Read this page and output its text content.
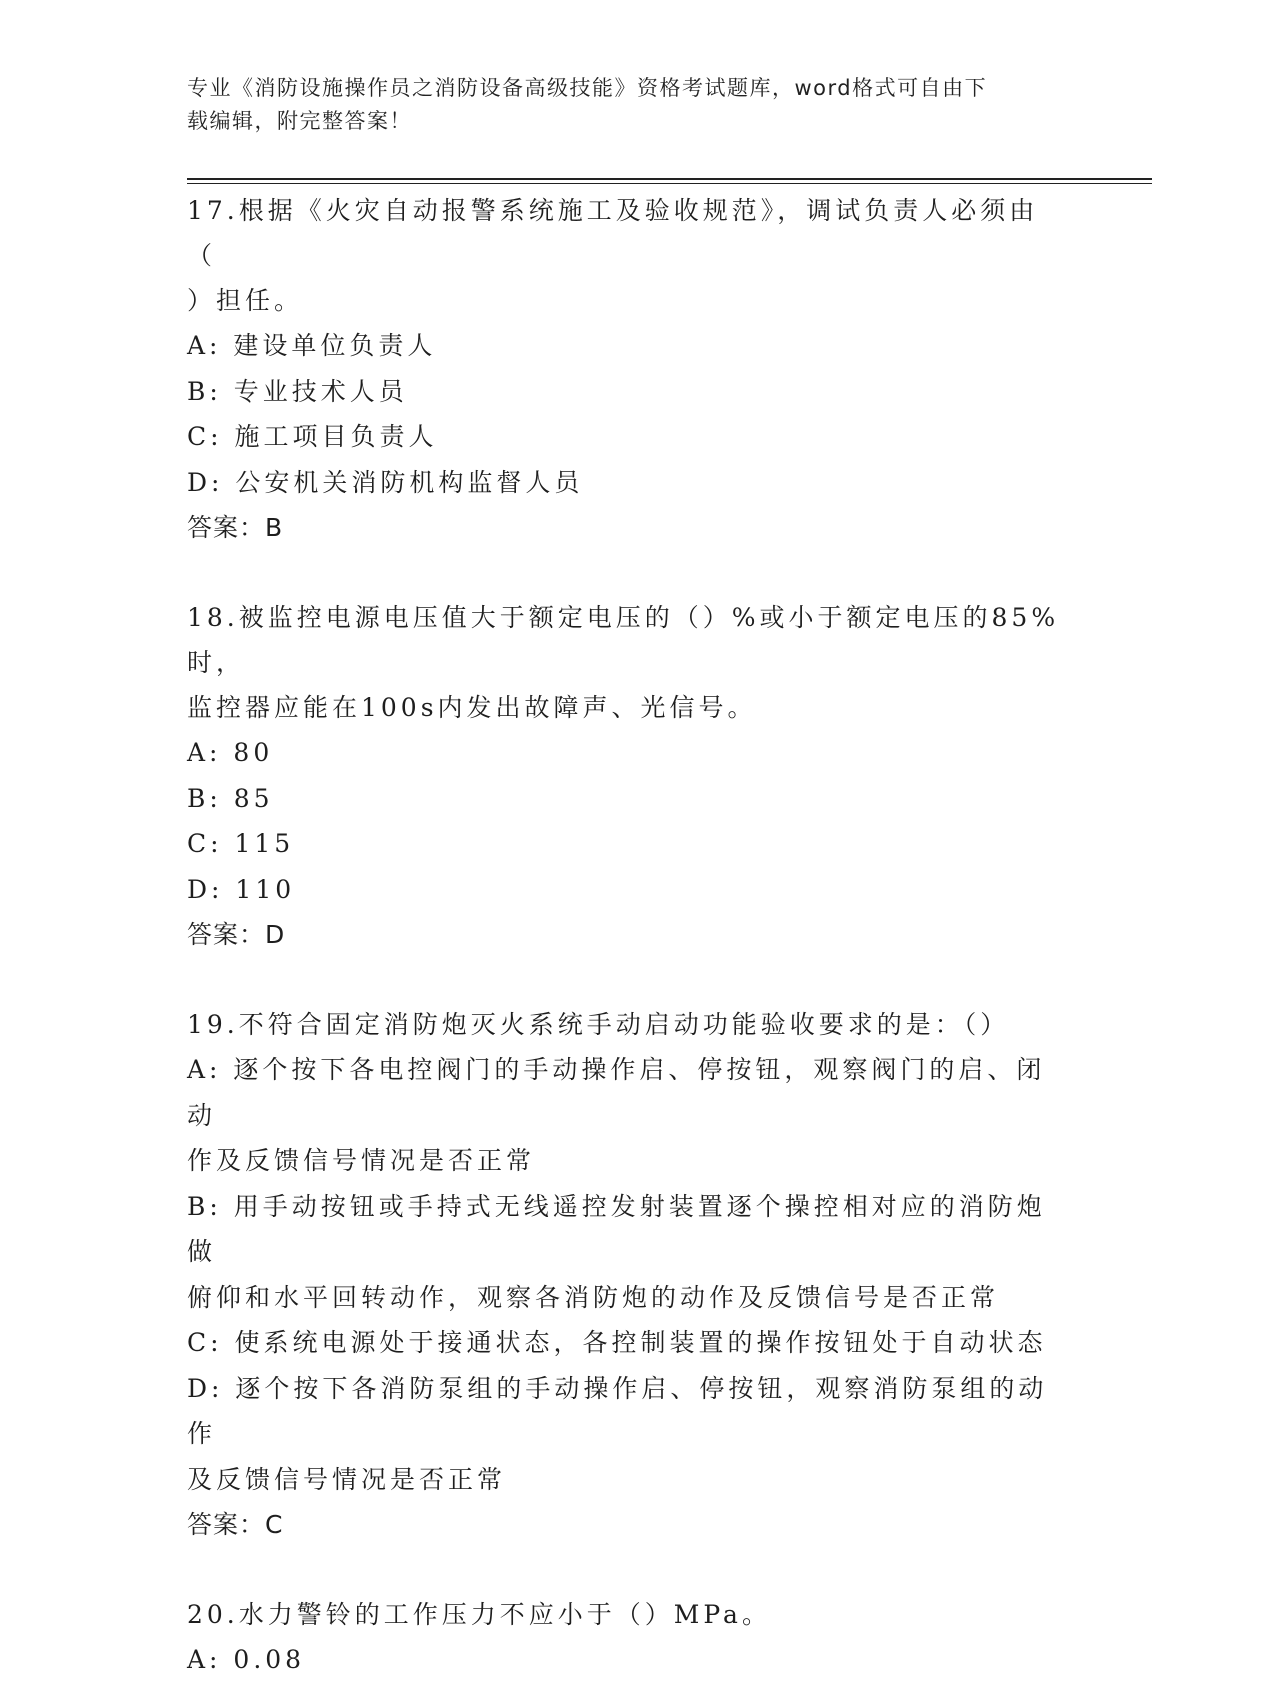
专业《消防设施操作员之消防设备高级技能》资格考试题库，word格式可自由下
载编辑，附完整答案！

17.根据《火灾自动报警系统施工及验收规范》，调试负责人必须由（

）担任。

A: 建设单位负责人

B: 专业技术人员

C: 施工项目负责人

D: 公安机关消防机构监督人员

答案：B

18.被监控电源电压值大于额定电压的（）%或小于额定电压的85%时，

监控器应能在100s内发出故障声、光信号。

A: 80

B: 85

C: 115

D: 110

答案：D

19.不符合固定消防炮灭火系统手动启动功能验收要求的是：（）

A: 逐个按下各电控阀门的手动操作启、停按钮，观察阀门的启、闭动

作及反馈信号情况是否正常

B: 用手动按钮或手持式无线遥控发射装置逐个操控相对应的消防炮做

俯仰和水平回转动作，观察各消防炮的动作及反馈信号是否正常

C: 使系统电源处于接通状态，各控制装置的操作按钮处于自动状态

D: 逐个按下各消防泵组的手动操作启、停按钮，观察消防泵组的动作

及反馈信号情况是否正常

答案：C

20.水力警铃的工作压力不应小于（）MPa。

A: 0.08
